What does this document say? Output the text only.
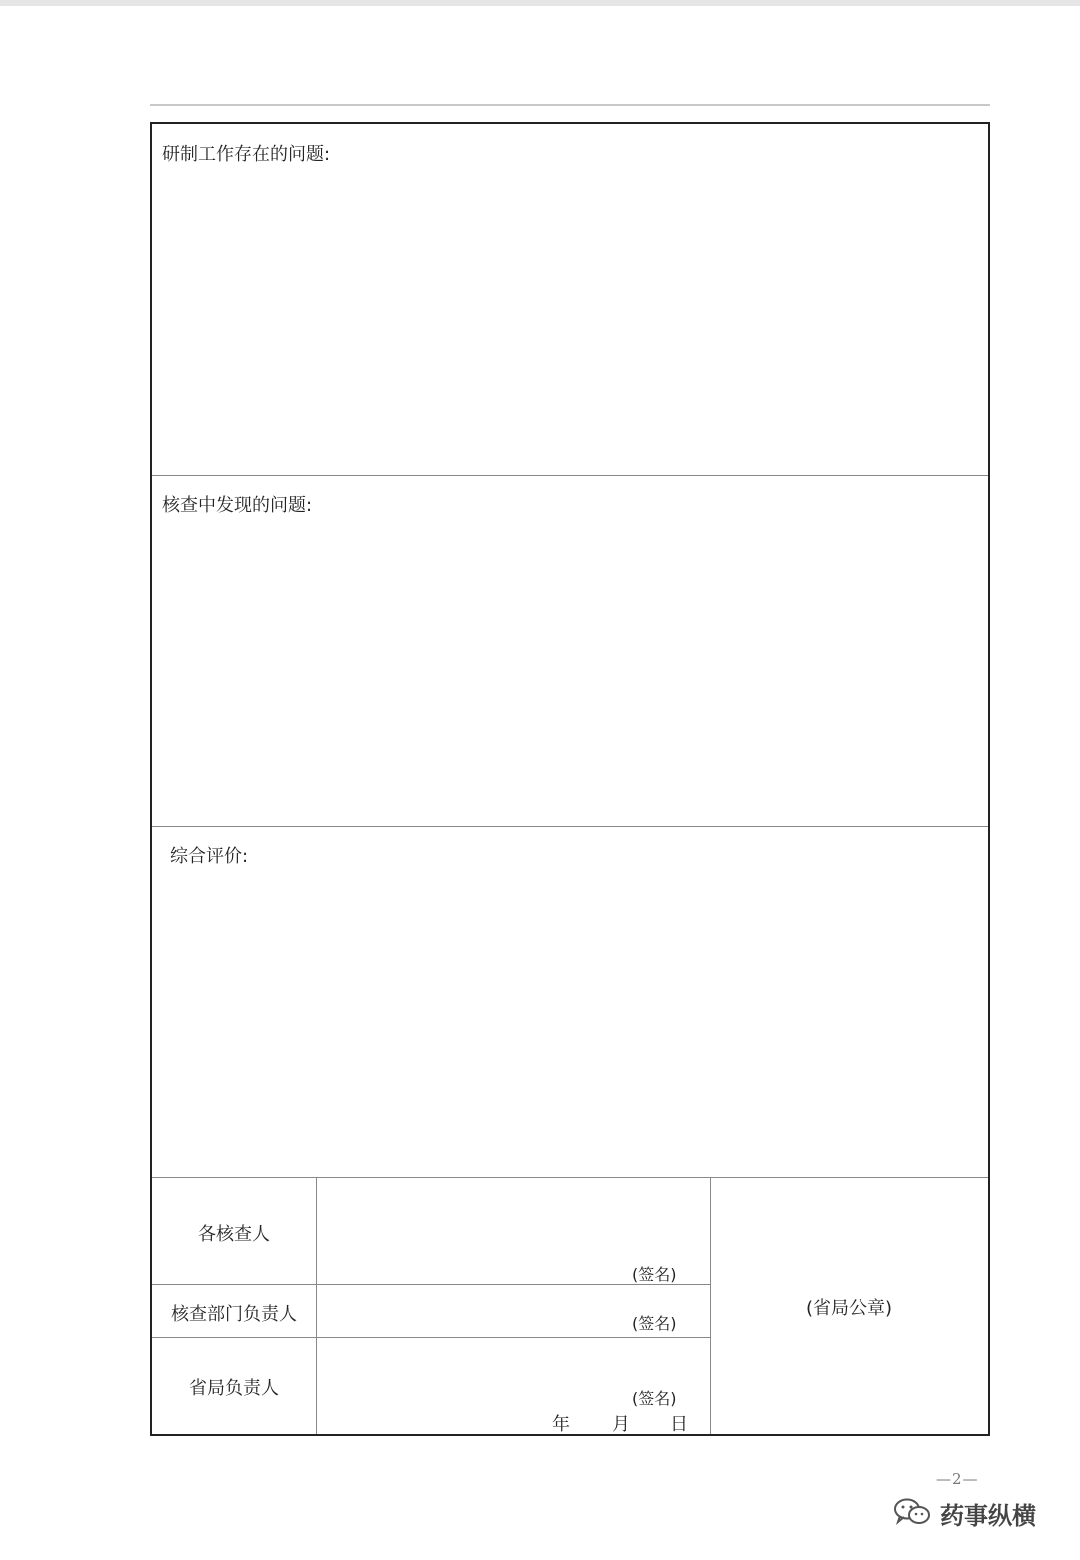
研制工作存在的问题:
核查中发现的问题:
综合评价:
各核查人
(签名)
核查部门负责人	(签名)
省局负责人	(签名)
年 月 日
(省局公章)
—2—
药事纵横
